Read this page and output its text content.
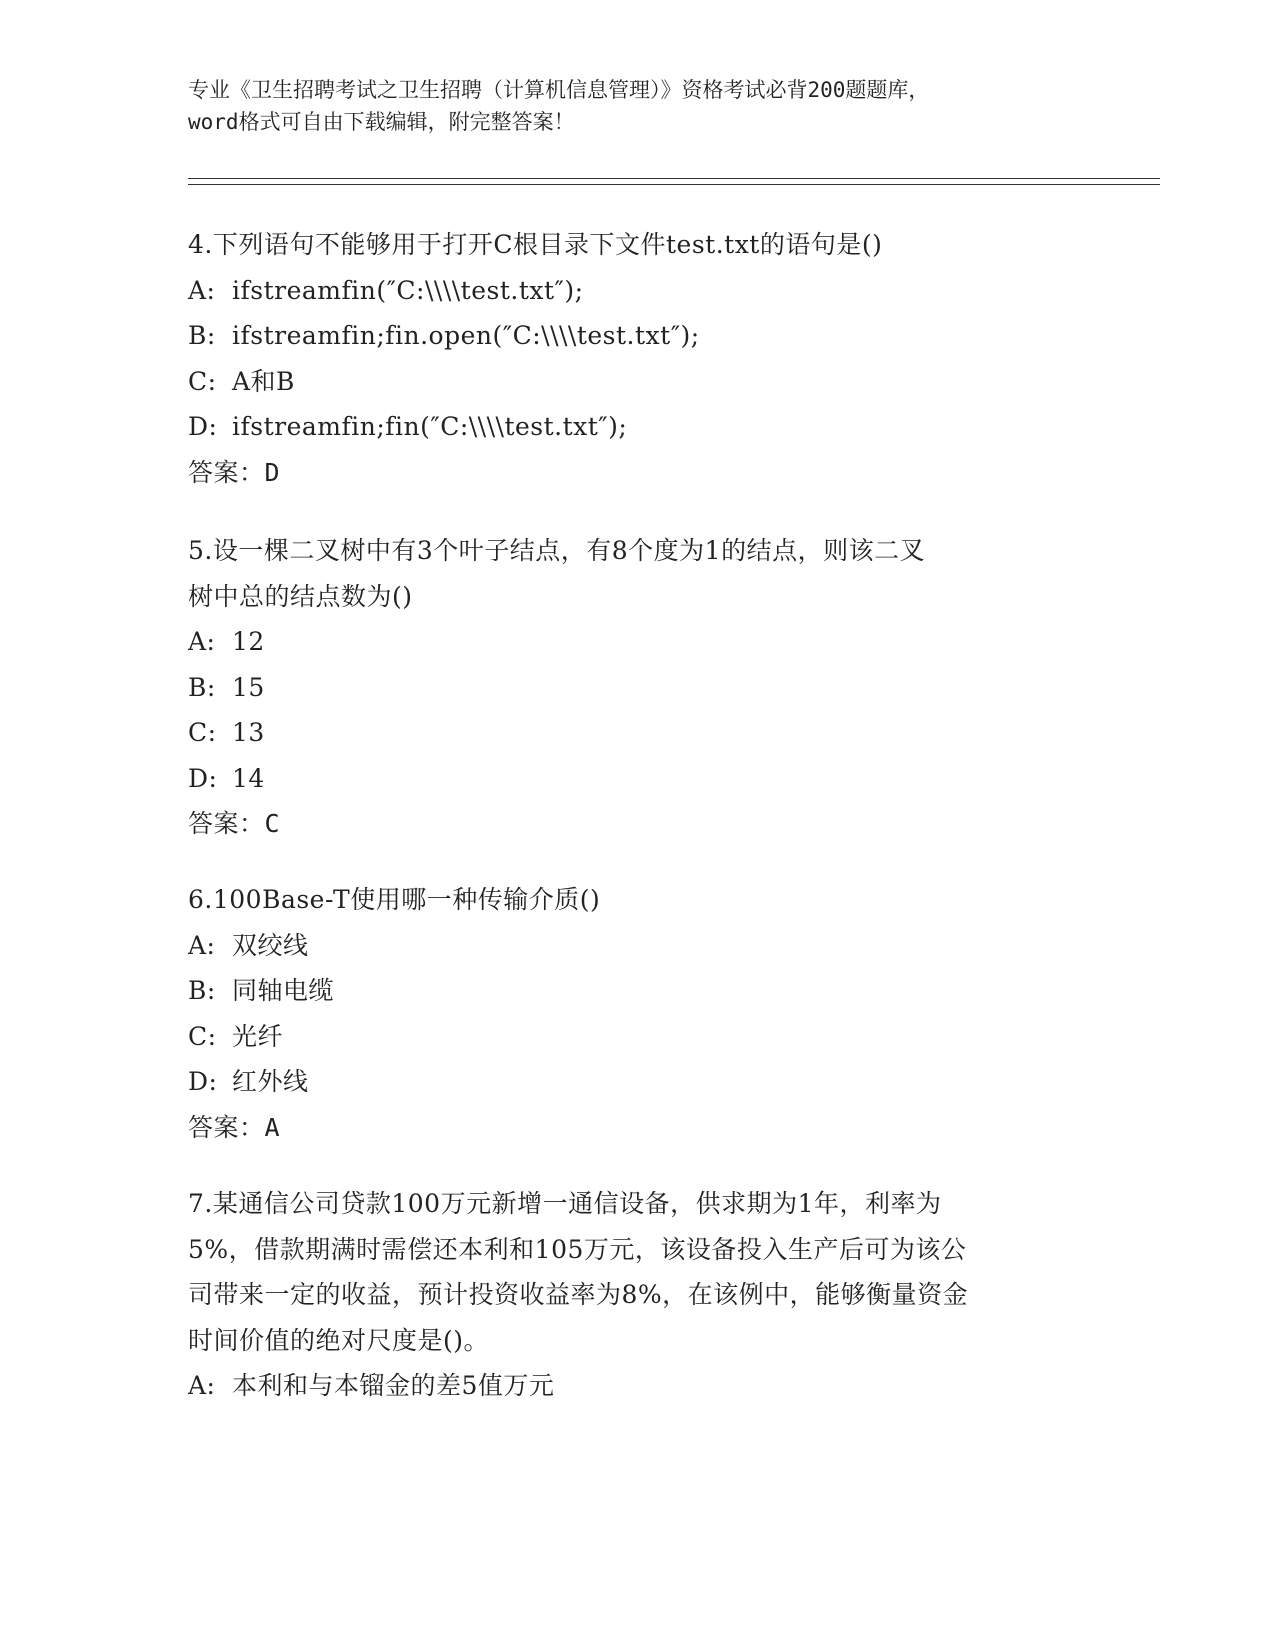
专业《卫生招聘考试之卫生招聘（计算机信息管理）》资格考试必背200题题库，
word格式可自由下载编辑，附完整答案！
4.下列语句不能够用于打开C根目录下文件test.txt的语句是()
A: ifstreamfin(″C:\\\\test.txt″);
B: ifstreamfin;fin.open(″C:\\\\test.txt″);
C: A和B
D: ifstreamfin;fin(″C:\\\\test.txt″);
答案：D
5.设一棵二叉树中有3个叶子结点，有8个度为1的结点，则该二叉
树中总的结点数为()
A: 12
B: 15
C: 13
D: 14
答案：C
6.100Base-T使用哪一种传输介质()
A: 双绞线
B: 同轴电缆
C: 光纤
D: 红外线
答案：A
7.某通信公司贷款100万元新增一通信设备，供求期为1年，利率为
5%，借款期满时需偿还本利和105万元，该设备投入生产后可为该公
司带来一定的收益，预计投资收益率为8%，在该例中，能够衡量资金
时间价值的绝对尺度是()。
A: 本利和与本镏金的差5值万元
